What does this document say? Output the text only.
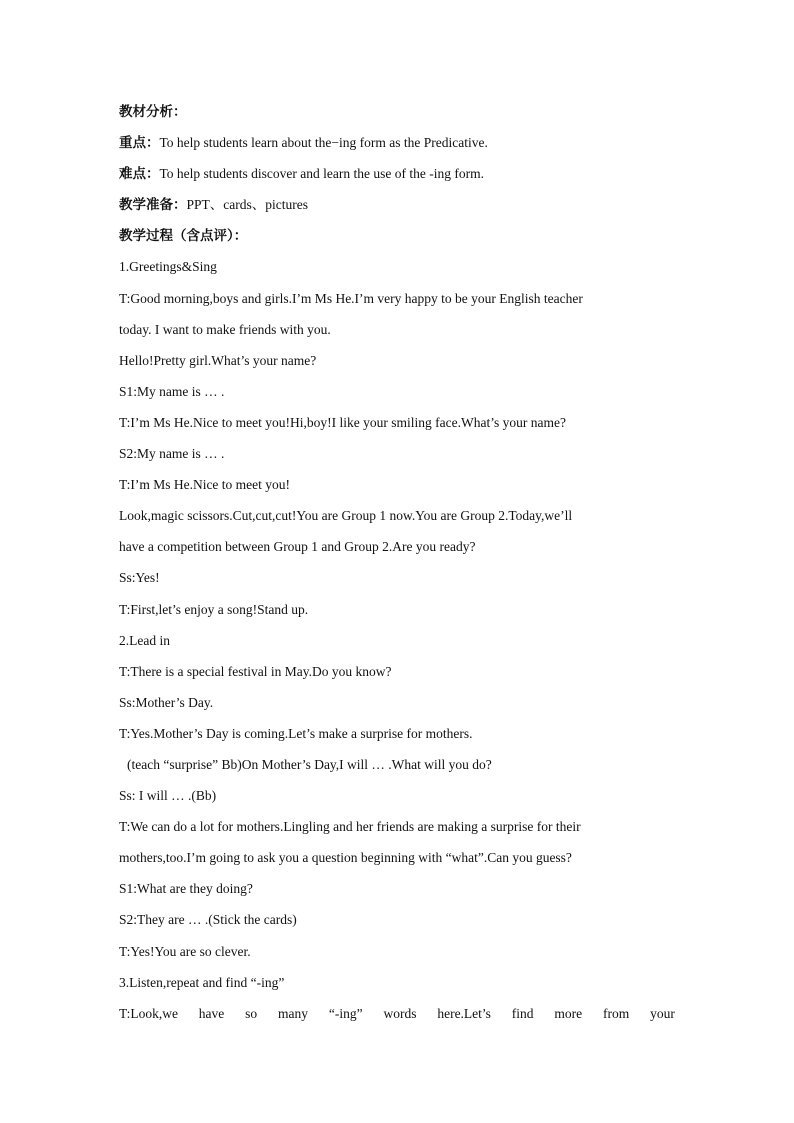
教材分析：
重点：To help students learn about the−ing form as the Predicative.
难点：To help students discover and learn the use of the -ing form.
教学准备：PPT、cards、pictures
教学过程（含点评）：
1.Greetings&Sing
T:Good morning,boys and girls.I’m Ms He.I’m very happy to be your English teacher
today. I want to make friends with you.
Hello!Pretty girl.What’s your name?
S1:My name is … .
T:I’m Ms He.Nice to meet you!Hi,boy!I like your smiling face.What’s your name?
S2:My name is … .
T:I’m Ms He.Nice to meet you!
Look,magic scissors.Cut,cut,cut!You are Group 1 now.You are Group 2.Today,we’ll
have a competition between Group 1 and Group 2.Are you ready?
Ss:Yes!
T:First,let’s enjoy a song!Stand up.
2.Lead in
T:There is a special festival in May.Do you know?
Ss:Mother’s Day.
T:Yes.Mother’s Day is coming.Let’s make a surprise for mothers.
(teach “surprise” Bb)On Mother’s Day,I will … .What will you do?
Ss: I will … .(Bb)
T:We can do a lot for mothers.Lingling and her friends are making a surprise for their
mothers,too.I’m going to ask you a question beginning with “what”.Can you guess?
S1:What are they doing?
S2:They are … .(Stick the cards)
T:Yes!You are so clever.
3.Listen,repeat and find “-ing”
T:Look,we have so many “-ing” words here.Let’s find more from your
